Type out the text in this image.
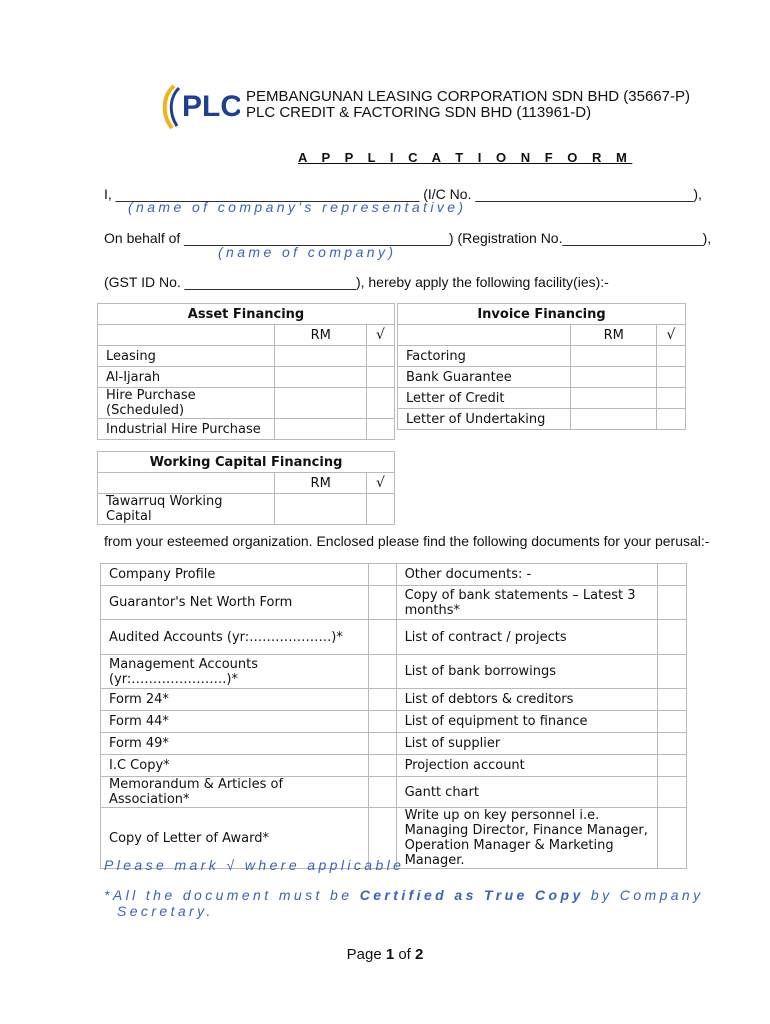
PLC PEMBANGUNAN LEASING CORPORATION SDN BHD (35667-P)
PLC CREDIT & FACTORING SDN BHD (113961-D)
A P P L I C A T I O N F O R M
I, _______________________________________ (I/C No. ____________________________),
(name of company's representative)
On behalf of __________________________________) (Registration No.__________________),
(name of company)
(GST ID No. ______________________), hereby apply the following facility(ies):-
Asset Financing		
	RM	√
Leasing		
Al-Ijarah		
Hire Purchase (Scheduled)		
Industrial Hire Purchase		
Invoice Financing		
	RM	√
Factoring		
Bank Guarantee		
Letter of Credit		
Letter of Undertaking		
Working Capital Financing		
	RM	√
Tawarruq Working Capital		
from your esteemed organization. Enclosed please find the following documents for your perusal:-
Company Profile		Other documents: -	
Guarantor's Net Worth Form		Copy of bank statements – Latest 3 months*	
Audited Accounts (yr:……………….)*		List of contract / projects	
Management Accounts (yr:………………….)*		List of bank borrowings	
Form 24*		List of debtors & creditors	
Form 44*		List of equipment to finance	
Form 49*		List of supplier	
I.C Copy*		Projection account	
Memorandum & Articles of Association*		Gantt chart	
Copy of Letter of Award*		Write up on key personnel i.e. Managing Director, Finance Manager, Operation Manager & Marketing Manager.	
Please mark √ where applicable
*All the document must be Certified as True Copy by Company
Secretary.
Page 1 of 2
